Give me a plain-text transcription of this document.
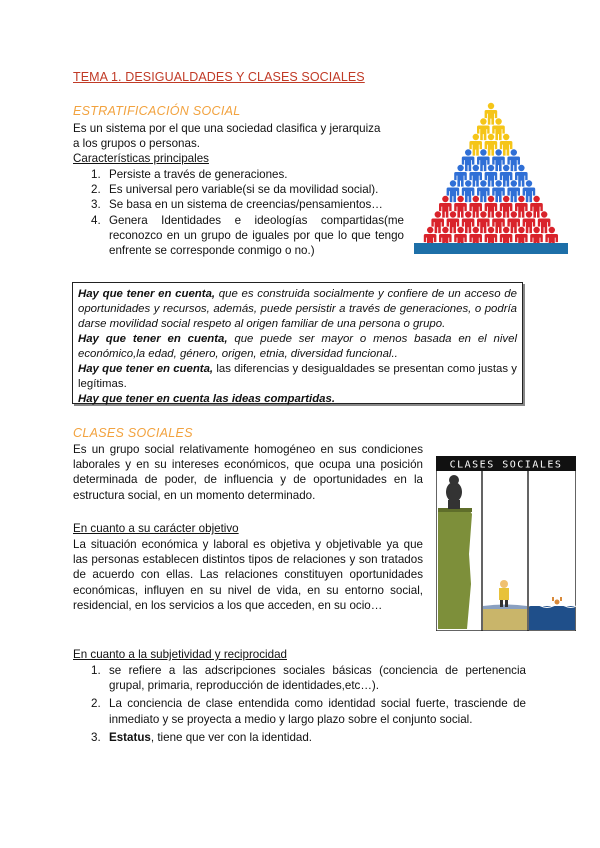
TEMA 1. DESIGUALDADES Y CLASES SOCIALES
ESTRATIFICACIÓN SOCIAL
Es un sistema por el que una sociedad clasifica y jerarquiza
a los grupos o personas.
Características principales
1. Persiste a través de generaciones.
2. Es universal pero variable(si se da movilidad social).
3. Se basa en un sistema de creencias/pensamientos…
4. Genera Identidades e ideologías compartidas(me reconozco en un grupo de iguales por que lo que tengo enfrente se corresponde conmigo o no.)

Hay que tener en cuenta, que es construida socialmente y confiere de un acceso de oportunidades y recursos, además, puede persistir a través de generaciones, o podría darse movilidad social respeto al origen familiar de una persona o grupo.

Hay que tener en cuenta, que puede ser mayor o menos basada en el nivel económico,la edad, género, origen, etnia, diversidad funcional..

Hay que tener en cuenta, las diferencias y desigualdades se presentan como justas y legítimas.

Hay que tener en cuenta las ideas compartidas.

CLASES SOCIALES
Es un grupo social relativamente homogéneo en sus condiciones laborales y en su intereses económicos, que ocupa una posición determinada de poder, de influencia y de oportunidades en la estructura social, en un momento determinado.
En cuanto a su carácter objetivo
La situación económica y laboral es objetiva y objetivable ya que las personas establecen distintos tipos de relaciones y son tratados de acuerdo con ellas. Las relaciones constituyen oportunidades económicas, influyen en su nivel de vida, en su entorno social, residencial, en los servicios a los que acceden, en su ocio…
CLASES SOCIALES
En cuanto a la subjetividad y reciprocidad
1. se refiere a las adscripciones sociales básicas (conciencia de pertenencia grupal, primaria, reproducción de identidades,etc…).
2. La conciencia de clase entendida como identidad social fuerte, trasciende de inmediato y se proyecta a medio y largo plazo sobre el conjunto social.
3. Estatus, tiene que ver con la identidad.
